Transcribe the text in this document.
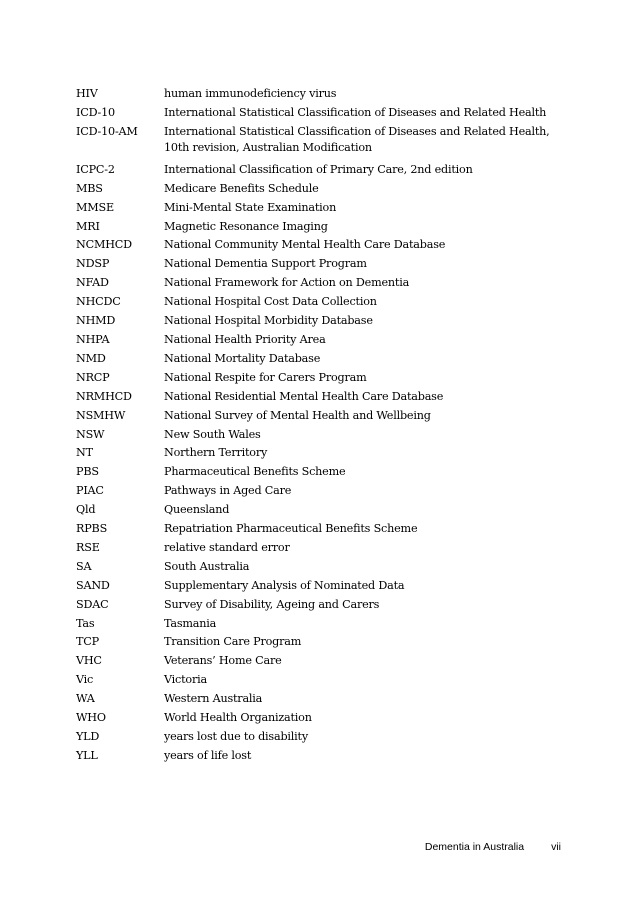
HIV	human immunodeficiency virus
ICD-10	International Statistical Classification of Diseases and Related Health
ICD-10-AM	International Statistical Classification of Diseases and Related Health, 10th revision, Australian Modification
ICPC-2	International Classification of Primary Care, 2nd edition
MBS	Medicare Benefits Schedule
MMSE	Mini-Mental State Examination
MRI	Magnetic Resonance Imaging
NCMHCD	National Community Mental Health Care Database
NDSP	National Dementia Support Program
NFAD	National Framework for Action on Dementia
NHCDC	National Hospital Cost Data Collection
NHMD	National Hospital Morbidity Database
NHPA	National Health Priority Area
NMD	National Mortality Database
NRCP	National Respite for Carers Program
NRMHCD	National Residential Mental Health Care Database
NSMHW	National Survey of Mental Health and Wellbeing
NSW	New South Wales
NT	Northern Territory
PBS	Pharmaceutical Benefits Scheme
PIAC	Pathways in Aged Care
Qld	Queensland
RPBS	Repatriation Pharmaceutical Benefits Scheme
RSE	relative standard error
SA	South Australia
SAND	Supplementary Analysis of Nominated Data
SDAC	Survey of Disability, Ageing and Carers
Tas	Tasmania
TCP	Transition Care Program
VHC	Veterans’ Home Care
Vic	Victoria
WA	Western Australia
WHO	World Health Organization
YLD	years lost due to disability
YLL	years of life lost
Dementia in Australia	vii
